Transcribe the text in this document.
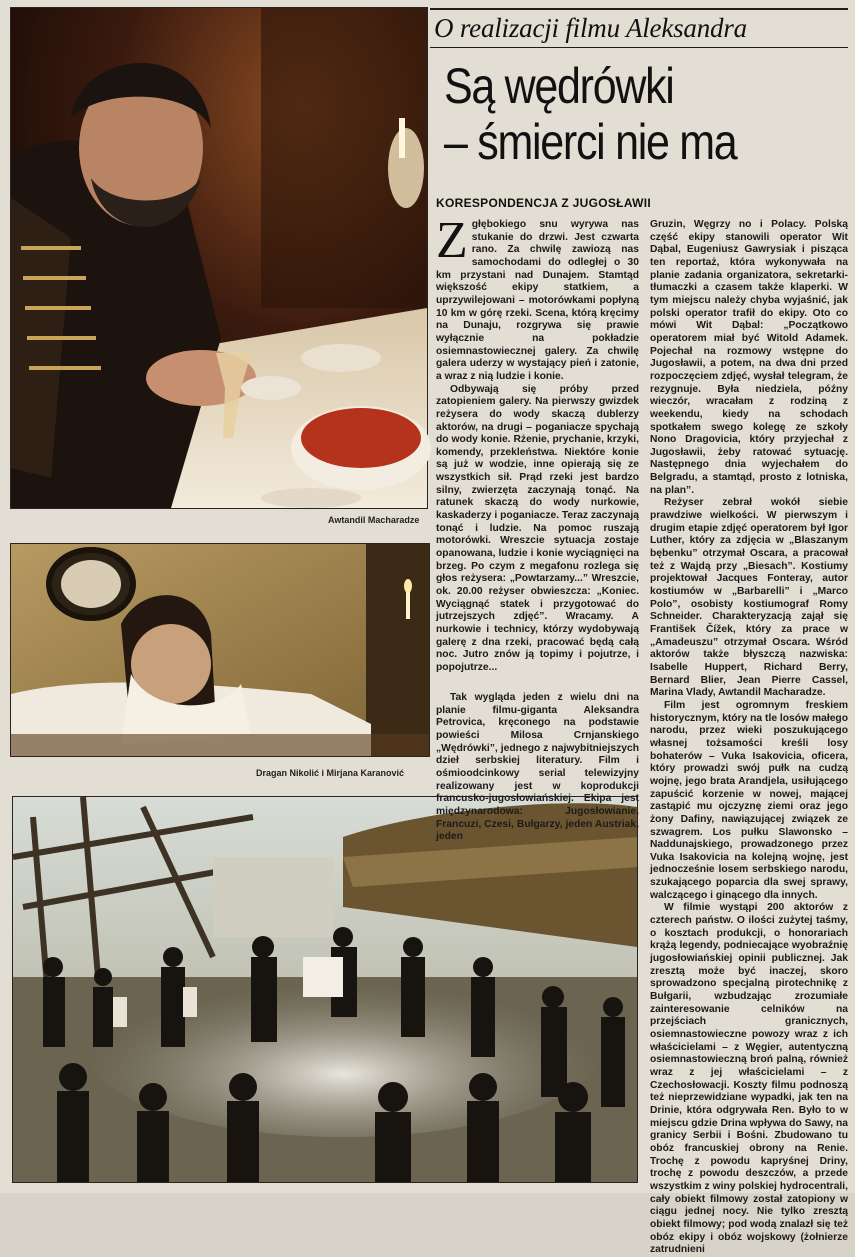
Awtandil Macharadze
Dragan Nikolić i Mirjana Karanović
O realizacji filmu Aleksandra
Są wędrówki
– śmierci nie ma
KORESPONDENCJA Z JUGOSŁAWII

Zgłębokiego snu wyrywa nas stukanie do drzwi. Jest czwarta rano. Za chwilę zawiozą nas samochodami do odległej o 30 km przystani nad Dunajem. Stamtąd większość ekipy statkiem, a uprzywilejowani – motorówkami popłyną 10 km w górę rzeki. Scena, którą kręcimy na Dunaju, rozgrywa się prawie wyłącznie na pokładzie osiemnastowiecznej galery. Za chwilę galera uderzy w wystający pień i zatonie, a wraz z nią ludzie i konie.

Odbywają się próby przed zatopieniem galery. Na pierwszy gwizdek reżysera do wody skaczą dublerzy aktorów, na drugi – poganiacze spychają do wody konie. Rżenie, prychanie, krzyki, komendy, przekleństwa. Niektóre konie są już w wodzie, inne opierają się ze wszystkich sił. Prąd rzeki jest bardzo silny, zwierzęta zaczynają tonąć. Na ratunek skaczą do wody nurkowie, kaskaderzy i poganiacze. Teraz zaczynają tonąć i ludzie. Na pomoc ruszają motorówki. Wreszcie sytuacja zostaje opanowana, ludzie i konie wyciągnięci na brzeg. Po czym z megafonu rozlega się głos reżysera: „Powtarzamy...” Wreszcie, ok. 20.00 reżyser obwieszcza: „Koniec. Wyciągnąć statek i przygotować do jutrzejszych zdjęć”. Wracamy. A nurkowie i technicy, którzy wydobywają galerę z dna rzeki, pracować będą całą noc. Jutro znów ją topimy i pojutrze, i popojutrze...

Tak wygląda jeden z wielu dni na planie filmu-giganta Aleksandra Petrovica, kręconego na podstawie powieści Milosa Crnjanskiego „Wędrówki”, jednego z najwybitniejszych dzieł serbskiej literatury. Film i ośmioodcinkowy serial telewizyjny realizowany jest w koprodukcji francusko-jugosłowiańskiej. Ekipa jest międzynarodowa: Jugosłowianie, Francuzi, Czesi, Bułgarzy, jeden Austriak, jeden

Gruzin, Węgrzy no i Polacy. Polską część ekipy stanowili operator Wit Dąbal, Eugeniusz Gawrysiak i pisząca ten reportaż, która wykonywała na planie zadania organizatora, sekretarki-tłumaczki a czasem także klaperki. W tym miejscu należy chyba wyjaśnić, jak polski operator trafił do ekipy. Oto co mówi Wit Dąbal: „Początkowo operatorem miał być Witold Adamek. Pojechał na rozmowy wstępne do Jugosławii, a potem, na dwa dni przed rozpoczęciem zdjęć, wysłał telegram, że rezygnuje. Była niedziela, późny wieczór, wracałam z rodziną z weekendu, kiedy na schodach spotkałem swego kolegę ze szkoły Nono Dragovicia, który przyjechał z Jugosławii, żeby ratować sytuację. Następnego dnia wyjechałem do Belgradu, a stamtąd, prosto z lotniska, na plan”.

Reżyser zebrał wokół siebie prawdziwe wielkości. W pierwszym i drugim etapie zdjęć operatorem był Igor Luther, który za zdjęcia w „Blaszanym bębenku” otrzymał Oscara, a pracował też z Wajdą przy „Biesach”. Kostiumy projektował Jacques Fonteray, autor kostiumów w „Barbarelli” i „Marco Polo”, osobisty kostiumograf Romy Schneider. Charakteryzacją zajął się František Čížek, który za prace w „Amadeuszu” otrzymał Oscara. Wśród aktorów także błyszczą nazwiska: Isabelle Huppert, Richard Berry, Bernard Blier, Jean Pierre Cassel, Marina Vlady, Awtandil Macharadze.

Film jest ogromnym freskiem historycznym, który na tle losów małego narodu, przez wieki poszukującego własnej tożsamości kreśli losy bohaterów – Vuka Isakovicia, oficera, który prowadzi swój pułk na cudzą wojnę, jego brata Arandjela, usiłującego zapuścić korzenie w nowej, mającej zastąpić mu ojczyznę ziemi oraz jego żony Dafiny, nawiązującej związek ze szwagrem. Los pułku Slawonsko – Naddunajskiego, prowadzonego przez Vuka Isakovicia na kolejną wojnę, jest jednocześnie losem serbskiego narodu, szukającego poparcia dla swej sprawy, walczącego i ginącego dla innych.

W filmie wystąpi 200 aktorów z czterech państw. O ilości zużytej taśmy, o kosztach produkcji, o honorariach krążą legendy, podniecające wyobraźnię jugosłowiańskiej opinii publicznej. Jak zresztą może być inaczej, skoro sprowadzono specjalną pirotechnikę z Bułgarii, wzbudzając zrozumiałe zainteresowanie celników na przejściach granicznych, osiemnastowieczne powozy wraz z ich właścicielami – z Węgier, autentyczną osiemnastowieczną broń palną, również wraz z jej właścicielami – z Czechosłowacji. Koszty filmu podnoszą też nieprzewidziane wypadki, jak ten na Drinie, która odgrywała Ren. Było to w miejscu gdzie Drina wpływa do Sawy, na granicy Serbii i Bośni. Zbudowano tu obóz francuskiej obrony na Renie. Trochę z powodu kapryśnej Driny, trochę z powodu deszczów, a przede wszystkim z winy polskiej hydrocentrali, cały obiekt filmowy został zatopiony w ciągu jednej nocy. Nie tylko zresztą obiekt filmowy; pod wodą znalazł się też obóz ekipy i obóz wojskowy (żołnierze zatrudnieni
